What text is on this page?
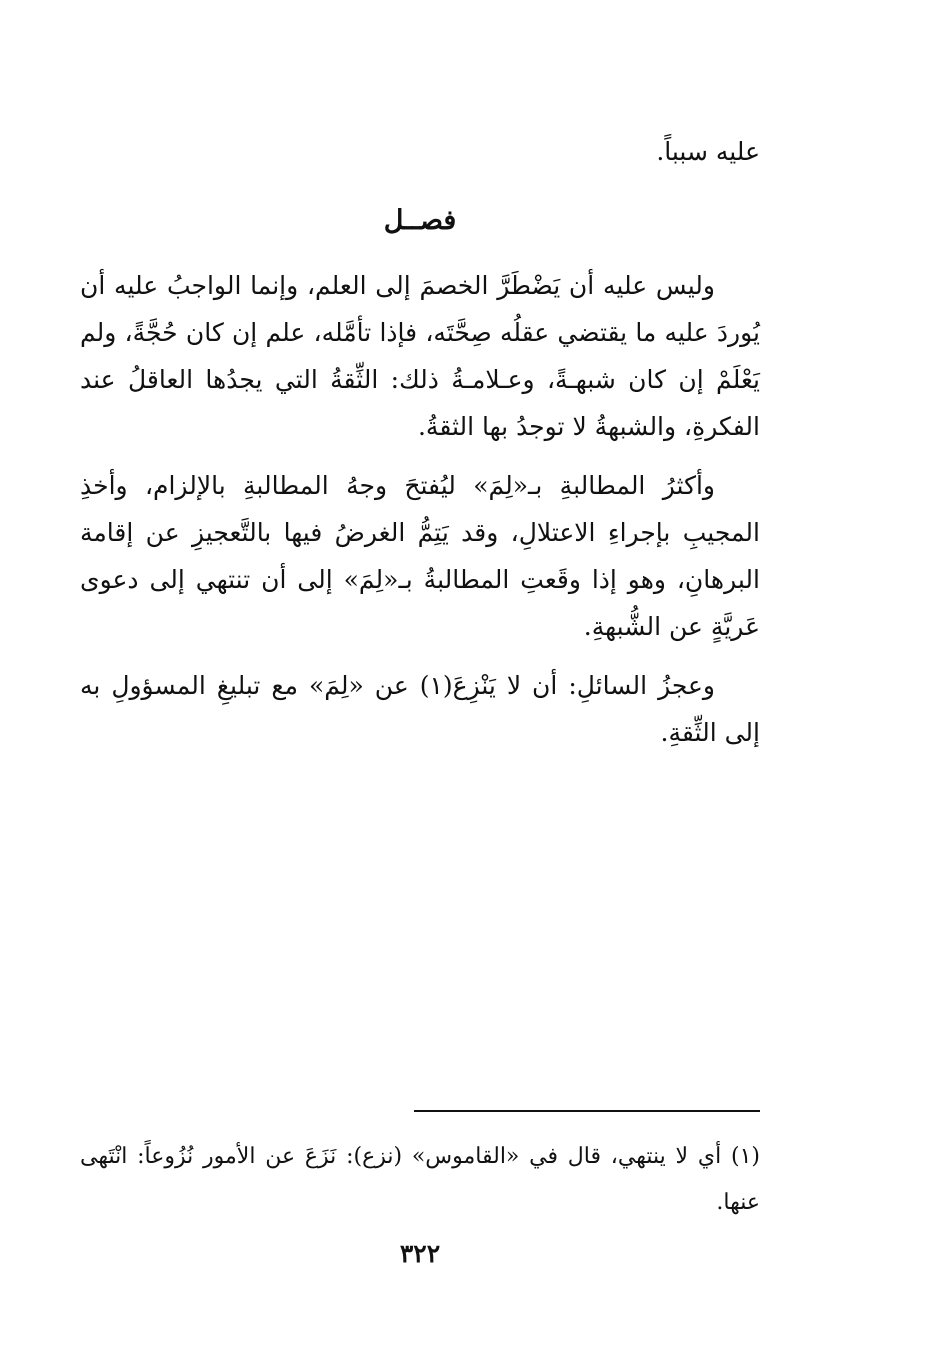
عليه سبباً.
فصــل

وليس عليه أن يَضْطَرَّ الخصمَ إلى العلم، وإنما الواجبُ عليه أن يُوردَ عليه ما يقتضي عقلُه صِحَّتَه، فإذا تأمَّله، علم إن كان حُجَّةً، ولم يَعْلَمْ إن كان شبهـةً، وعـلامـةُ ذلك: الثِّقةُ التي يجدُها العاقلُ عند الفكرةِ، والشبهةُ لا توجدُ بها الثقةُ.

وأكثرُ المطالبةِ بـ«لِمَ» ليُفتحَ وجهُ المطالبةِ بالإلزام، وأخذِ المجيبِ بإجراءِ الاعتلالِ، وقد يَتِمُّ الغرضُ فيها بالتَّعجيزِ عن إقامة البرهانِ، وهو إذا وقَعتِ المطالبةُ بـ«لِمَ» إلى أن تنتهي إلى دعوى عَريَّةٍ عن الشُّبهةِ.

وعجزُ السائلِ: أن لا يَنْزِعَ(١) عن «لِمَ» مع تبليغِ المسؤولِ به إلى الثِّقةِ.

(١) أي لا ينتهي، قال في «القاموس» (نزع): نَزَعَ عن الأمور نُزُوعاً: انْتَهى عنها.
٣٢٢
